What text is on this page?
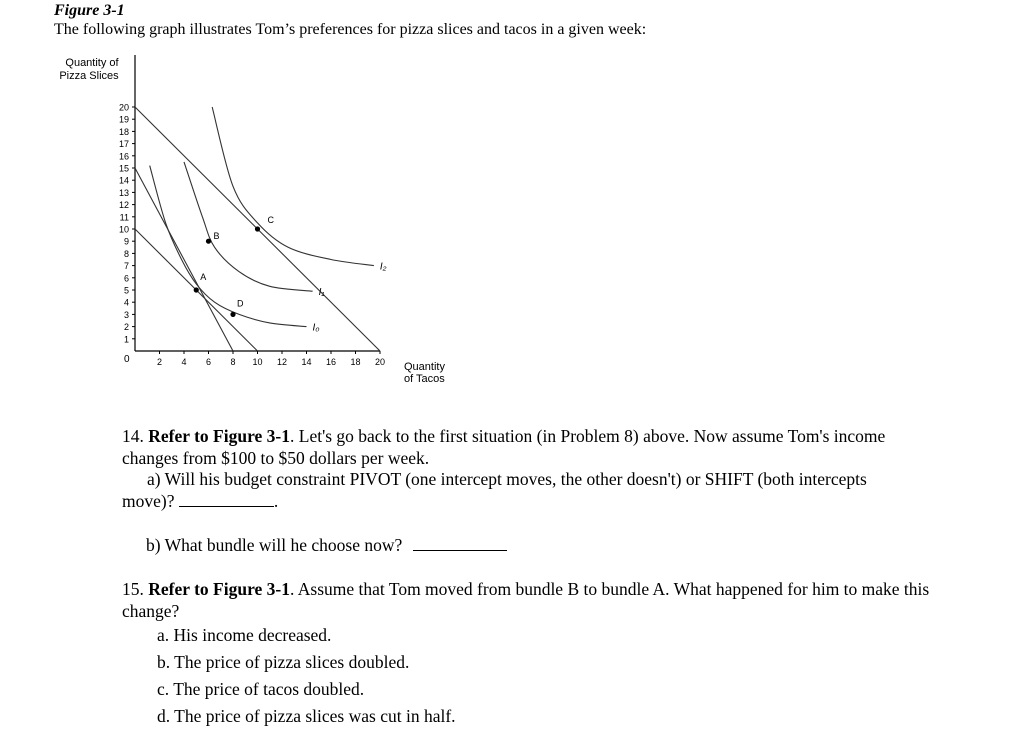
Figure 3-1
The following graph illustrates Tom’s preferences for pizza slices and tacos in a given week:
1
2
3
4
5
6
7
8
9
10
11
12
13
14
15
16
17
18
19
20
2 4 6 8 10 12 14 16 18 20
I₂
I₁
I₀
A
B
C
D
Quantity of
Pizza Slices
Quantity
of Tacos
0
14. Refer to Figure 3-1. Let's go back to the first situation (in Problem 8) above. Now assume Tom's income changes from $100 to $50 dollars per week.
a) Will his budget constraint PIVOT (one intercept moves, the other doesn't) or SHIFT (both intercepts move)?	.
b) What bundle will he choose now?
15. Refer to Figure 3-1. Assume that Tom moved from bundle B to bundle A. What happened for him to make this change?
a. His income decreased.
b. The price of pizza slices doubled.
c. The price of tacos doubled.
d. The price of pizza slices was cut in half.
